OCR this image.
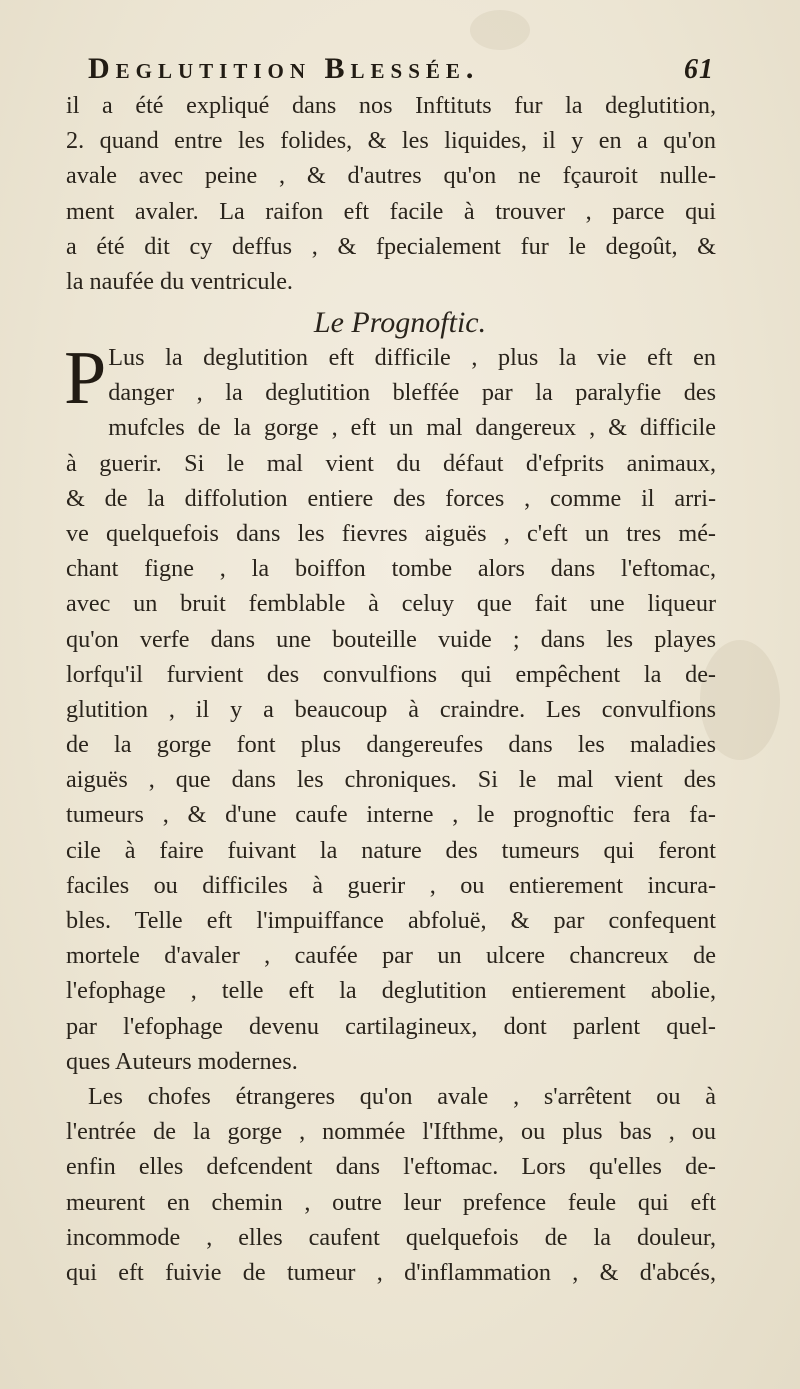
Deglutition Blessée.	61
il a été expliqué dans nos Inftituts fur la deglutition,
2. quand entre les folides, & les liquides, il y en a qu'on
avale avec peine , & d'autres qu'on ne fçauroit nulle-
ment avaler. La raifon eft facile à trouver , parce qui
a été dit cy deffus , & fpecialement fur le degoût, &
la naufée du ventricule.
Le Prognoftic.
P Lus la deglutition eft difficile , plus la vie eft en
danger , la deglutition bleffée par la paralyfie des
mufcles de la gorge , eft un mal dangereux , & difficile
à guerir. Si le mal vient du défaut d'efprits animaux,
& de la diffolution entiere des forces , comme il arri-
ve quelquefois dans les fievres aiguës , c'eft un tres mé-
chant figne , la boiffon tombe alors dans l'eftomac,
avec un bruit femblable à celuy que fait une liqueur
qu'on verfe dans une bouteille vuide ; dans les playes
lorfqu'il furvient des convulfions qui empêchent la de-
glutition , il y a beaucoup à craindre. Les convulfions
de la gorge font plus dangereufes dans les maladies
aiguës , que dans les chroniques. Si le mal vient des
tumeurs , & d'une caufe interne , le prognoftic fera fa-
cile à faire fuivant la nature des tumeurs qui feront
faciles ou difficiles à guerir , ou entierement incura-
bles. Telle eft l'impuiffance abfoluë, & par confequent
mortele d'avaler , caufée par un ulcere chancreux de
l'efophage , telle eft la deglutition entierement abolie,
par l'efophage devenu cartilagineux, dont parlent quel-
ques Auteurs modernes.
Les chofes étrangeres qu'on avale , s'arrêtent ou à
l'entrée de la gorge , nommée l'Ifthme, ou plus bas , ou
enfin elles defcendent dans l'eftomac. Lors qu'elles de-
meurent en chemin , outre leur prefence feule qui eft
incommode , elles caufent quelquefois de la douleur,
qui eft fuivie de tumeur , d'inflammation , & d'abcés,
